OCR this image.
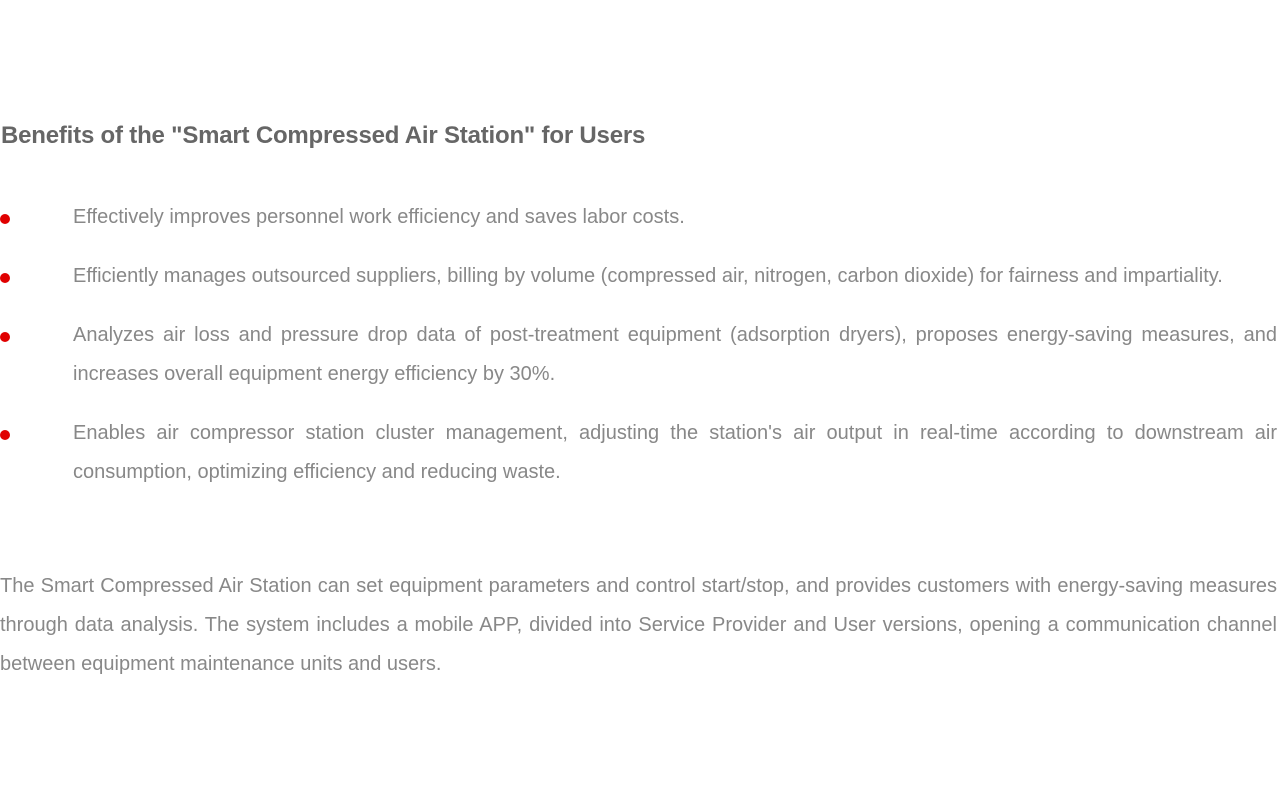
Benefits of the "Smart Compressed Air Station" for Users
Effectively improves personnel work efficiency and saves labor costs.
Efficiently manages outsourced suppliers, billing by volume (compressed air, nitrogen, carbon dioxide) for fairness and impartiality.
Analyzes air loss and pressure drop data of post-treatment equipment (adsorption dryers), proposes energy-saving measures, and increases overall equipment energy efficiency by 30%.
Enables air compressor station cluster management, adjusting the station's air output in real-time according to downstream air consumption, optimizing efficiency and reducing waste.

The Smart Compressed Air Station can set equipment parameters and control start/stop, and provides customers with energy-saving measures through data analysis. The system includes a mobile APP, divided into Service Provider and User versions, opening a communication channel between equipment maintenance units and users.
